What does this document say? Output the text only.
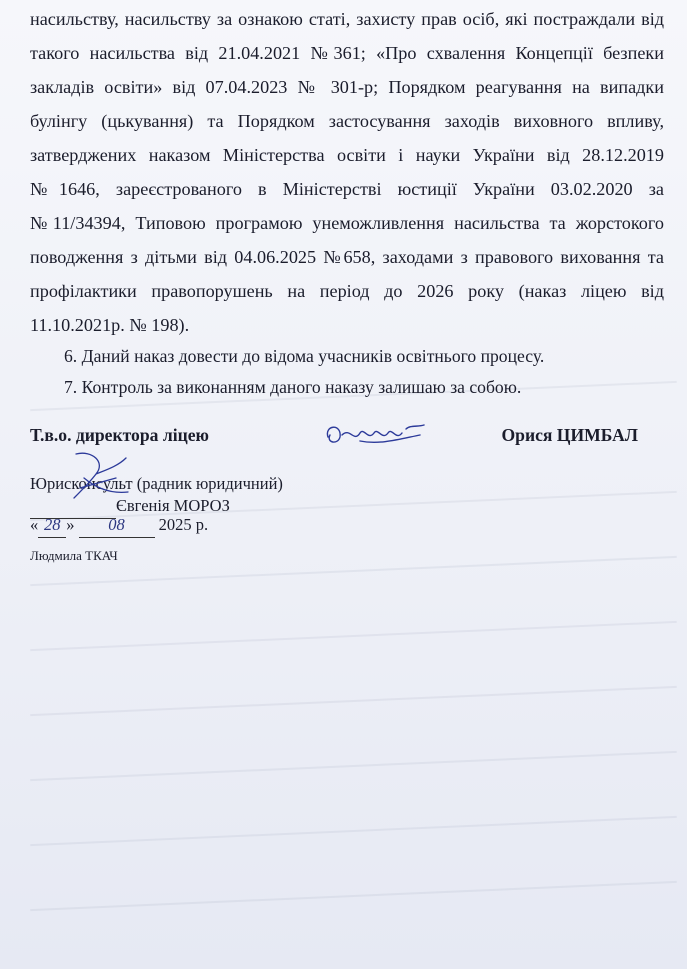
насильству, насильству за ознакою статі, захисту прав осіб, які постраждали від
такого насильства від 21.04.2021 №361; «Про схвалення Концепції безпеки
закладів освіти» від 07.04.2023 № 301-р; Порядком реагування на випадки
булінгу (цькування) та Порядком застосування заходів виховного впливу,
затверджених наказом Міністерства освіти і науки України від 28.12.2019
№1646, зареєстрованого в Міністерстві юстиції України 03.02.2020 за
№11/34394, Типовою програмою унеможливлення насильства та жорстокого
поводження з дітьми від 04.06.2025 №658, заходами з правового виховання та
профілактики правопорушень на період до 2026 року (наказ ліцею від
11.10.2021р. № 198).
6. Даний наказ довести до відома учасників освітнього процесу.
7. Контроль за виконанням даного наказу залишаю за собою.
Т.в.о. директора ліцею	Орися ЦИМБАЛ
Юрисконсульт (радник юридичний)
Євгенія МОРОЗ
« 28 » 08 2025 р.
Людмила ТКАЧ
